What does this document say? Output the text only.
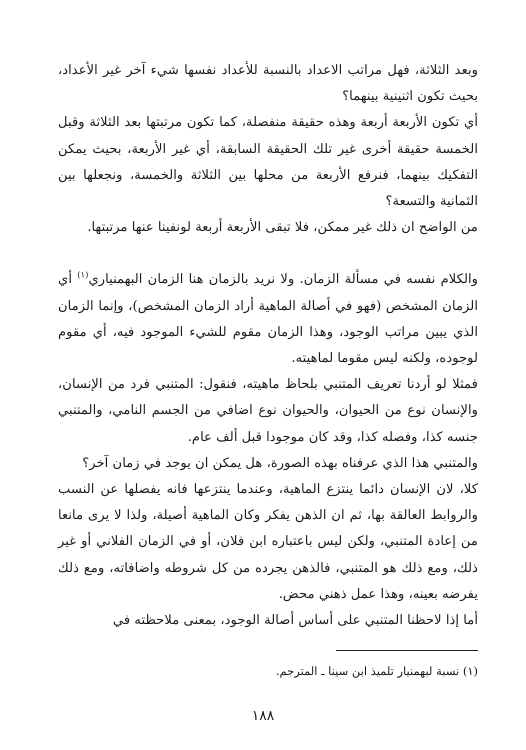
وبعد الثلاثة، فهل مراتب الاعداد بالنسبة للأعداد نفسها شيء آخر غير الأعداد، بحيث تكون اثنينية بينهما؟

أي تكون الأربعة أربعة وهذه حقيقة منفصلة، كما تكون مرتبتها بعد الثلاثة وقبل الخمسة حقيقة أخرى غير تلك الحقيقة السابقة، أي غير الأربعة، بحيث يمكن التفكيك بينهما، فنرفع الأربعة من محلها بين الثلاثة والخمسة، ونجعلها بين الثمانية والتسعة؟

من الواضح ان ذلك غير ممكن، فلا تبقى الأربعة أربعة لونفينا عنها مرتبتها.

والكلام نفسه في مسألة الزمان. ولا نريد بالزمان هنا الزمان البهمنياري$^{(١)}$ أي الزمان المشخص (فهو في أصالة الماهية أراد الزمان المشخص)، وإنما الزمان الذي يبين مراتب الوجود، وهذا الزمان مقوم للشيء الموجود فيه، أي مقوم لوجوده، ولكنه ليس مقوما لماهيته.

فمثلا لو أردنا تعريف المتنبي بلحاظ ماهيته، فنقول: المتنبي فرد من الإنسان، والإنسان نوع من الحيوان، والحيوان نوع اضافي من الجسم النامي، والمتنبي جنسه كذا، وفصله كذا، وقد كان موجودا قبل ألف عام.

والمتنبي هذا الذي عرفناه بهذه الصورة، هل يمكن ان يوجد في زمان آخر؟

كلا، لان الإنسان دائما ينتزع الماهية، وعندما ينتزعها فانه يفصلها عن النسب والروابط العالقة بها، ثم ان الذهن يفكر وكان الماهية أصيلة، ولذا لا يرى مانعا من إعادة المتنبي، ولكن ليس باعتباره ابن فلان، أو في الزمان الفلاني أو غير ذلك، ومع ذلك هو المتنبي، فالذهن يجرده من كل شروطه واضافاته، ومع ذلك يفرضه بعينه، وهذا عمل ذهني محض.

أما إذا لاحظنا المتنبي على أساس أصالة الوجود، بمعنى ملاحظته في

(١) نسبة لبهمنيار تلميذ ابن سينا ـ المترجم.
١٨٨
